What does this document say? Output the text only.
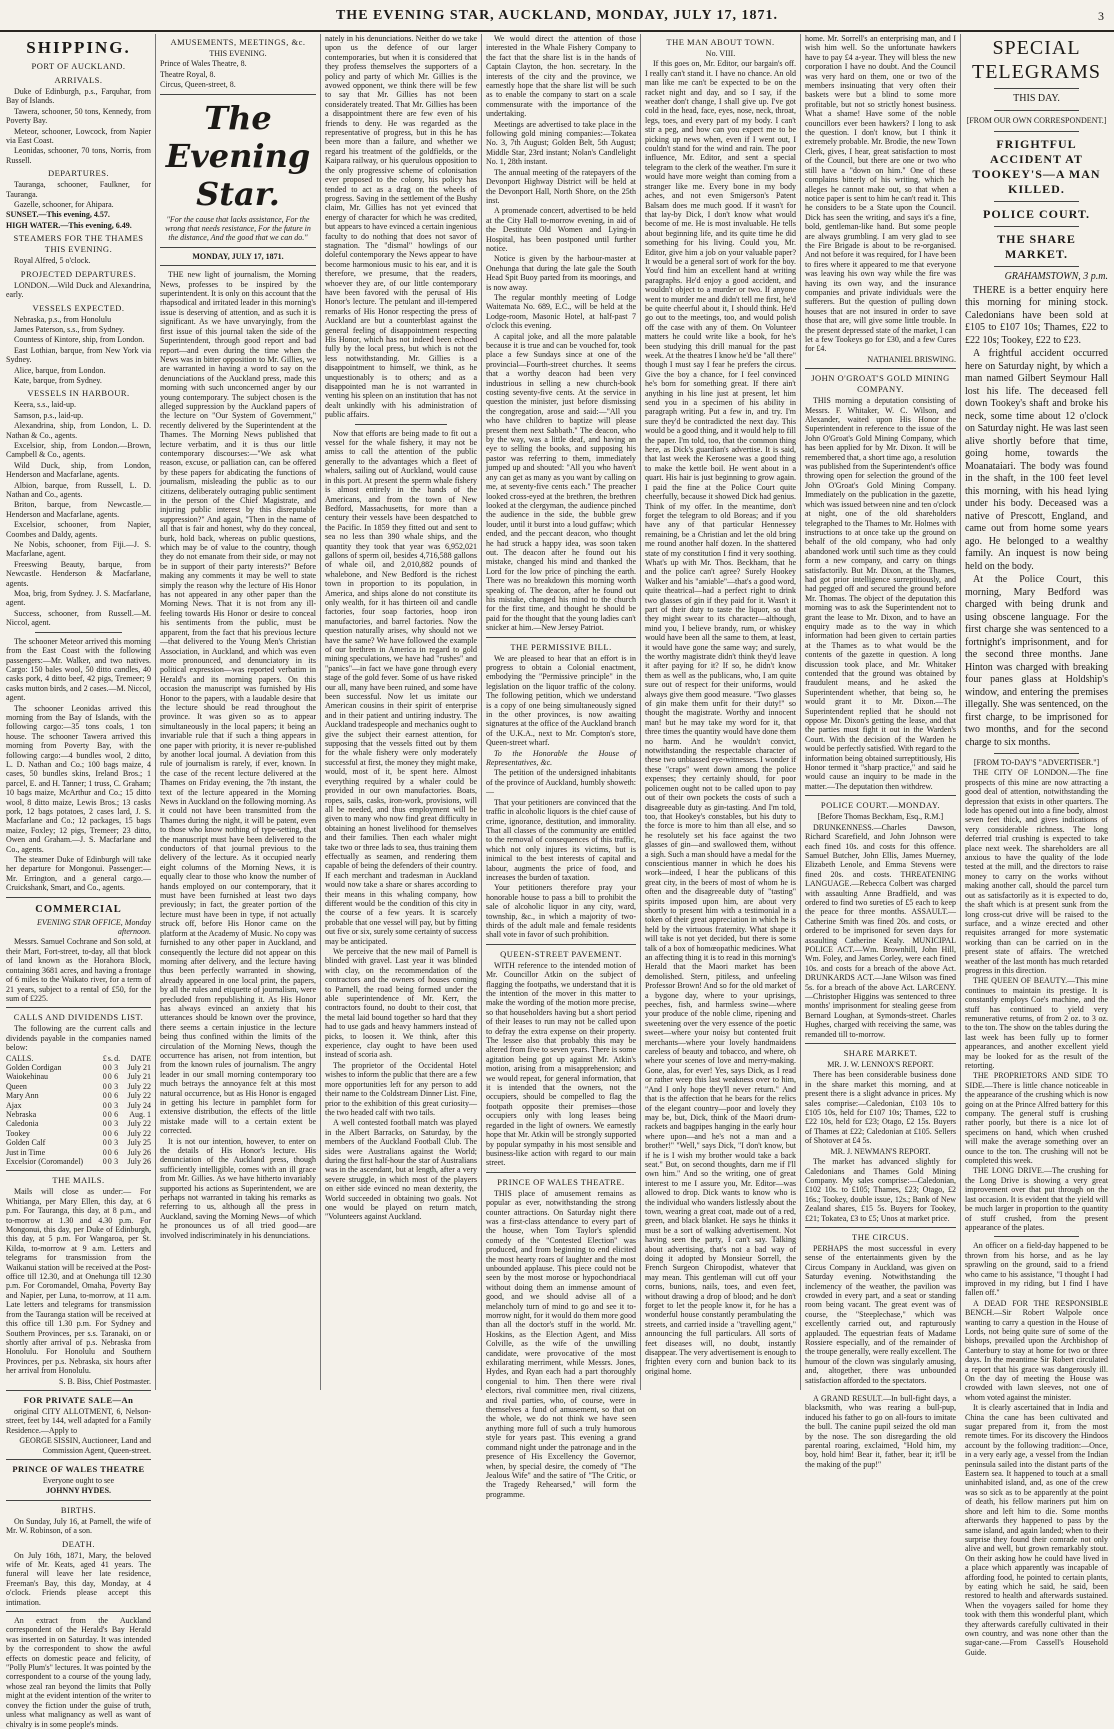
THE EVENING STAR, AUCKLAND, MONDAY, JULY 17, 1871.	3
SHIPPING.
PORT OF AUCKLAND.
ARRIVALS.

Duke of Edinburgh, p.s., Farquhar, from Bay of Islands.

Tawera, schooner, 50 tons, Kennedy, from Poverty Bay.

Meteor, schooner, Lowcock, from Napier via East Coast.

Leonidas, schooner, 70 tons, Norris, from Russell.

DEPARTURES.

Tauranga, schooner, Faulkner, for Tauranga.

Gazelle, schooner, for Ahipara.

SUNSET.—This evening, 4.57.

HIGH WATER.—This evening, 6.49.

STEAMERS FOR THE THAMES THIS EVENING.

Royal Alfred, 5 o'clock.

PROJECTED DEPARTURES.

LONDON.—Wild Duck and Alexandrina, early.

VESSELS EXPECTED.

Nebraska, p.s., from Honolulu

James Paterson, s.s., from Sydney.

Countess of Kintore, ship, from London.

East Lothian, barque, from New York via Sydney.

Alice, barque, from London.

Kate, barque, from Sydney.

VESSELS IN HARBOUR.

Keera, s.s., laid-up.

Samson, p.s., laid-up.

Alexandrina, ship, from London, L. D. Nathan & Co., agents.

Excelsior, ship, from London.—Brown, Campbell & Co., agents.

Wild Duck, ship, from London, Henderson and Macfarlane, agents.

Albion, barque, from Russell, L. D. Nathan and Co., agents.

Briton, barque, from Newcastle.—Henderson and Macfarlane, agents.

Excelsior, schooner, from Napier, Coombes and Daldy, agents.

Ne Nobis, schooner, from Fiji.—J. S. Macfarlane, agent.

Freeswing Beauty, barque, from Newcastle. Henderson & Macfarlane, agents.

Moa, brig, from Sydney. J. S. Macfarlane, agent.

Success, schooner, from Russell.—M. Niccol, agent.

The schooner Meteor arrived this morning from the East Coast with the following passengers:—Mr. Walker, and two natives. Cargo: 150 bales wool, 50 ditto candles, 40 casks pork, 4 ditto beef, 42 pigs, Tremeer; 9 casks mutton birds, and 2 cases.—M. Niccol, agent.

The schooner Leonidas arrived this morning from the Bay of Islands, with the following cargo:—35 tons coals, 1 ton house. The schooner Tawera arrived this morning from Poverty Bay, with the following cargo:—4 bundles wool, 2 ditto, L. D. Nathan and Co.; 100 bags maize, 4 cases, 50 bundles skins, Ireland Bros.; 1 parcel, E. and H. Tanner; 1 truss, C. Graham; 10 bags maize, McArthur and Co.; 15 ditto wool, 8 ditto maize, Lewis Bros.; 13 casks pork, 12 bags potatoes, 2 cases lard, J. S. Macfarlane and Co.; 12 packages, 15 bags maize, Foxley; 12 pigs, Tremeer; 23 ditto, Owen and Graham.—J. S. Macfarlane and Co., agents.

The steamer Duke of Edinburgh will take her departure for Mongonui. Passenger:—Mr. Errington, and a general cargo.—Cruickshank, Smart, and Co., agents.

COMMERCIAL

EVENING STAR OFFICE, Monday afternoon.

Messrs. Samuel Cochrane and Son sold, at their Mart, Fort-street, to-day, all that block of land known as the Horahora Block, containing 3681 acres, and having a frontage of 6 miles to the Waikato river, for a term of 21 years, subject to a rental of £50, for the sum of £225.

CALLS AND DIVIDENDS LIST.

The following are the current calls and dividends payable in the companies named below:

CALLS.	£	s.	d.	DATE
Golden Cordigan	0	0	3	July 21
Waiokehinau	0	0	6	July 21
Queen	0	0	3	July 22
Mary Ann	0	0	6	July 22
Ajax	0	0	3	July 24
Nebraska	0	0	6	Aug. 1
Caledonia	0	0	3	July 22
Tookey	0	0	6	July 22
Golden Calf	0	0	3	July 25
Just in Time	0	0	6	July 26
Excelsior (Coromandel)	0	0	3	July 26
THE MAILS.

Mails will close as under:— For Whitianga, per Mary Ellen, this day, at 6 p.m. For Tauranga, this day, at 8 p.m., and to-morrow at 1.30 and 4.30 p.m. For Mongonui, this day, per Duke of Edinburgh, this day, at 5 p.m. For Wangaroa, per St. Kilda, to-morrow at 9 a.m. Letters and telegrams for transmission from the Waikanui station will be received at the Post-office till 12.30, and at Onehunga till 12.30 p.m. For Coromandel, Omaha, Poverty Bay and Napier, per Luna, to-morrow, at 11 a.m. Late letters and telegrams for transmission from the Tauranga station will be received at this office till 1.30 p.m. For Sydney and Southern Provinces, per s.s. Taranaki, on or shortly after arrival of p.s. Nebraska from Honolulu. For Honolulu and Southern Provinces, per p.s. Nebraska, six hours after her arrival from Honolulu.

S. B. Biss, Chief Postmaster.

FOR PRIVATE SALE—An

original CITY ALLOTMENT, 6, Nelson-street, feet by 144, well adapted for a Family Residence.—Apply to

GEORGE SISSIN, Auctioneer, Land and Commission Agent, Queen-street.

PRINCE OF WALES THEATRE

Everyone ought to see

JOHNNY HYDES.

BIRTHS.

On Sunday, July 16, at Parnell, the wife of Mr. W. Robinson, of a son.

DEATH.

On July 16th, 1871, Mary, the beloved wife of Mr. Keats, aged 41 years. The funeral will leave her late residence, Freeman's Bay, this day, Monday, at 4 o'clock. Friends please accept this intimation.

An extract from the Auckland correspondent of the Herald's Bay Herald was inserted in on Saturday. It was intended by the correspondent to show the awful effects on domestic peace and felicity, of "Polly Plum's" lectures. It was pointed by the correspondent to a course of the young lady, whose zeal ran beyond the limits that Polly might at the evident intention of the writer to convey the fiction under the guise of truth, unless what malignancy as well as want of chivalry is in some people's minds.

AMUSEMENTS, MEETINGS, &c.

THIS EVENING.

Prince of Wales Theatre, 8.

Theatre Royal, 8.

Circus, Queen-street, 8.

The Evening Star.

"For the cause that lacks assistance, For the wrong that needs resistance, For the future in the distance, And the good that we can do."

MONDAY, JULY 17, 1871.

THE new light of journalism, the Morning News, professes to be inspired by the superintendent. It is only on this account that the rhapsodical and irritated leader in this morning's issue is deserving of attention, and as such it is significant. As we have unvaryingly, from the first issue of this journal taken the side of the Superintendent, through good report and bad report—and even during the time when the News was in bitter opposition to Mr. Gillies, we are warranted in having a word to say on the denunciations of the Auckland press, made this morning with such unconcerned anger by our young contemporary. The subject chosen is the alleged suppression by the Auckland papers of the lecture on "Our System of Government," recently delivered by the Superintendent at the Thames. The Morning News published that lecture verbatim, and it is thus our little contemporary discourses:—"We ask what reason, excuse, or palliation can, can be offered by these papers for abdicating the functions of journalism, misleading the public as to our citizens, deliberately outraging public sentiment in the person of the Chief Magistrate, and injuring public interest by this disreputable suppression?" And again, "Then in the name of all that is fair and honest, why do they conceal, burk, hold back, whereas on public questions, which may be of value to the country, though they do not emanate from their side, or may not be in support of their party interests?" Before making any comments it may be well to state simply the reason why the lecture of His Honor has not appeared in any other paper than the Morning News. That it is not from any ill-feeling towards His Honor or desire to conceal his sentiments from the public, must be apparent, from the fact that his previous lecture —that delivered to the Young Men's Christian Association, in Auckland, and which was even more pronounced, and denunciatory in its political expression—was reported verbatim in Herald's and its morning papers. On this occasion the manuscript was furnished by His Honor to the papers, with a laudable desire that the lecture should be read throughout the province. It was given so as to appear simultaneously in the local papers; it being an invariable rule that if such a thing appears in one paper with priority, it is never re-published by another local journal. A deviation from this rule of journalism is rarely, if ever, known. In the case of the recent lecture delivered at the Thames on Friday evening, the 7th instant, the text of the lecture appeared in the Morning News in Auckland on the following morning. As it could not have been transmitted from the Thames during the night, it will be patent, even to those who know nothing of type-setting, that the manuscript must have been delivered to the conductors of that journal previous to the delivery of the lecture. As it occupied nearly eight columns of the Morning News, it is equally clear to those who know the number of hands employed on our contemporary, that it must have been furnished at least two days previously; in fact, the greater portion of the lecture must have been in type, if not actually struck off, before His Honor came on the platform at the Academy of Music. No copy was furnished to any other paper in Auckland, and consequently the lecture did not appear on this morning after delivery, and the lecture having thus been perfectly warranted in showing, already appeared in one local print, the papers, by all the rules and etiquette of journalism, were precluded from republishing it. As His Honor has always evinced an anxiety that his utterances should be known over the province, there seems a certain injustice in the lecture being thus confined within the limits of the circulation of the Morning News, though the occurrence has arisen, not from intention, but from the known rules of journalism. The angry leader in our small morning contemporary too much betrays the annoyance felt at this most natural occurrence, but as His Honor is engaged in getting his lecture in pamphlet form for extensive distribution, the effects of the little mistake made will to a certain extent be corrected.

It is not our intention, however, to enter on the details of His Honor's lecture. His denunciation of the Auckland press, though sufficiently intelligible, comes with an ill grace from Mr. Gillies. As we have hitherto invariably supported his actions as Superintendent, we are perhaps not warranted in taking his remarks as referring to us, although all the press in Auckland, saving the Morning News—of which he pronounces us of all tried good—are involved indiscriminately in his denunciations.

nately in his denunciations. Neither do we take upon us the defence of our larger contemporaries, but when it is considered that they profess themselves the supporters of a policy and party of which Mr. Gillies is the avowed opponent, we think there will be few to say that Mr. Gillies has not been considerately treated. That Mr. Gillies has been a disappointment there are few even of his friends to deny. He was regarded as the representative of progress, but in this he has been more than a failure, and whether we regard his treatment of the goldfields, or the Kaipara railway, or his querulous opposition to the only progressive scheme of colonisation ever proposed to the colony, his policy has tended to act as a drag on the wheels of progress. Saving in the settlement of the Bushy claim, Mr. Gillies has not yet evinced that energy of character for which he was credited, but appears to have evinced a certain ingenious faculty to do nothing that does not savor of stagnation. The "dismal" howlings of our doleful contemporary the News appear to have become harmonious music to his ear, and it is therefore, we presume, that the readers, whoever they are, of our little contemporary have been favored with the perusal of His Honor's lecture. The petulant and ill-tempered remarks of His Honor respecting the press of Auckland are but a counterblast against the general feeling of disappointment respecting His Honor, which has not indeed been echoed fully by the local press, but which is not the less notwithstanding. Mr. Gillies is a disappointment to himself, we think, as he unquestionably is to others; and as a disappointed man he is not warranted in venting his spleen on an institution that has not dealt unkindly with his administration of public affairs.

Now that efforts are being made to fit out a vessel for the whale fishery, it may not be amiss to call the attention of the public generally to the advantages which a fleet of whalers, sailing out of Auckland, would cause in this port. At present the sperm whale fishery is almost entirely in the hands of the Americans, and from the town of New Bedford, Massachusetts, for more than a century their vessels have been despatched to the Pacific. In 1859 they fitted out and sent to sea no less than 390 whale ships, and the quantity they took that year was 6,952,021 gallons of sperm oil, besides 4,716,588 gallons of whale oil, and 2,010,882 pounds of whalebone, and New Bedford is the richest town in proportion to its population, in America, and ships alone do not constitute its only wealth, for it has thirteen oil and candle factories, four soap factories, hoop iron manufactories, and barrel factories. Now the question naturally arises, why should not we have the same? We have followed the example of our brethren in America in regard to gold mining speculations, we have had "rushes" and "panics"—in fact we have gone through every stage of the gold fever. Some of us have risked our all, many have been ruined, and some have been successful. Now let us imitate our American cousins in their spirit of enterprise and in their patient and untiring industry. The Auckland tradespeople and mechanics ought to give the subject their earnest attention, for supposing that the vessels fitted out by them for the whale fishery were only moderately successful at first, the money they might make, would, most of it, be spent here. Almost everything required by a whaler could be provided in our own manufactories. Boats, ropes, sails, casks, iron-work, provisions, will all be needed, and thus employment will be given to many who now find great difficulty in obtaining an honest livelihood for themselves and their families. Then each whaler might take two or three lads to sea, thus training them effectually as seamen, and rendering them capable of being the defenders of their country. If each merchant and tradesman in Auckland would now take a share or shares according to their means in this whaling company, how different would be the condition of this city in the course of a few years. It is scarcely probable that one vessel will pay, but by fitting out five or six, surely some certainty of success may be anticipated.

We perceive that the new mail of Parnell is blinded with gravel. Last year it was blinded with clay, on the recommendation of the contractors and the owners of houses coming to Parnell, the road being formed under the able superintendence of Mr. Kerr, the contractors found, no doubt to their cost, that the metal laid bound together so hard that they had to use gads and heavy hammers instead of picks, to loosen it. We think, after this experience, clay ought to have been used instead of scoria ash.

The proprietor of the Occidental Hotel wishes to inform the public that there are a few more opportunities left for any person to add their name to the Coldstream Dinner List. Fine, prior to the exhibition of this great curiosity—the two headed calf with two tails.

A well contested football match was played in the Albert Barracks, on Saturday, by the members of the Auckland Football Club. The sides were Australians against the World; during the first half-hour the star of Australians was in the ascendant, but at length, after a very severe struggle, in which most of the players on either side evinced no mean dexterity, the World succeeded in obtaining two goals. Not one would be played on return match, "Volunteers against Auckland.

We would direct the attention of those interested in the Whale Fishery Company to the fact that the share list is in the hands of Captain Clayton, the hon. secretary. In the interests of the city and the province, we earnestly hope that the share list will be such as to enable the company to start on a scale commensurate with the importance of the undertaking.

Meetings are advertised to take place in the following gold mining companies:—Tokatea No. 3, 7th August; Golden Belt, 5th August; Middle Star, 23rd instant; Nolan's Candlelight No. 1, 28th instant.

The annual meeting of the ratepayers of the Devonport Highway District will be held at the Devonport Hall, North Shore, on the 25th inst.

A promenade concert, advertised to be held at the City Hall to-morrow evening, in aid of the Destitute Old Women and Lying-in Hospital, has been postponed until further notice.

Notice is given by the harbour-master at Onehunga that during the late gale the South Head Spit Buoy parted from its moorings, and is now away.

The regular monthly meeting of Lodge Waitemata No. 689, E.C., will be held at the Lodge-room, Masonic Hotel, at half-past 7 o'clock this evening.

A capital joke, and all the more palatable because it is true and can be vouched for, took place a few Sundays since at one of the provincial—Fourth-street churches. It seems that a worthy deacon had been very industrious in selling a new church-book costing seventy-five cents. At the service in question the minister, just before dismissing the congregation, arose and said:—"All you who have children to baptize will please present them next Sabbath." The deacon, who by the way, was a little deaf, and having an eye to selling the books, and supposing his pastor was referring to them, immediately jumped up and shouted: "All you who haven't any can get as many as you want by calling on me, at seventy-five cents each." The preacher looked cross-eyed at the brethren, the brethren looked at the clergyman, the audience pinched the audience in the side, the bubble grew louder, until it burst into a loud guffaw; which ended, and the peccant deacon, who thought he had struck a happy idea, was soon taken out. The deacon after he found out his mistake, changed his mind and thanked the Lord for the low price of pinching the earth. There was no breakdown this morning worth speaking of. The deacon, after he found out his mistake, changed his mind to the church for the first time, and thought he should be paid for the thought that the young ladies can't snicker at him.—New Jersey Patriot.

THE PERMISSIVE BILL.

We are pleased to hear that an effort is in progress to obtain a Colonial enactment, embodying the "Permissive principle" in the legislation on the liquor traffic of the colony. The following petition, which we understand is a copy of one being simultaneously signed in the other provinces, is now awaiting signatures at the office of the Auckland branch of the U.K.A., next to Mr. Compton's store, Queen-street wharf.

To the Honorable the House of Representatives, &c.

The petition of the undersigned inhabitants of the province of Auckland, humbly showeth:—

That your petitioners are convinced that the traffic in alcoholic liquors is the chief cause of crime, ignorance, destitution, and immorality. That all classes of the community are entitled to the removal of consequences of this traffic, which not only injures its victims, but is inimical to the best interests of capital and labour, augments the price of food, and increases the burden of taxation.

Your petitioners therefore pray your honorable house to pass a bill to prohibit the sale of alcoholic liquor in any city, ward, township, &c., in which a majority of two-thirds of the adult male and female residents shall vote in favor of such prohibition.

QUEEN-STREET PAVEMENT.

WITH reference to the intended motion of Mr. Councillor Atkin on the subject of flagging the footpaths, we understand that it is the intention of the mover in this matter to make the wording of the motion more precise, so that householders having but a short period of their leases to run may not be called upon to defray the extra expense on their property. The lessee also that probably this may be altered from five to seven years. There is some agitation being got up against Mr. Atkin's motion, arising from a misapprehension; and we would repeat, for general information, that it is intended that the owners, not the occupiers, should be compelled to flag the footpath opposite their premises—those occupiers only with long leases being regarded in the light of owners. We earnestly hope that Mr. Atkin will be strongly supported by popular sympathy in his most sensible and business-like action with regard to our main street.

PRINCE OF WALES THEATRE.

THIS place of amusement remains as popular as ever, notwithstanding the strong counter attractions. On Saturday night there was a first-class attendance to every part of the house, when Tom Taylor's splendid comedy of the "Contested Election" was produced, and from beginning to end elicited the most hearty roars of laughter and the most unbounded applause. This piece could not be seen by the most morose or hypochondriacal without doing them an immense amount of good, and we should advise all of a melancholy turn of mind to go and see it to-morrow night, for it would do them more good than all the doctor's stuff in the world. Mr. Hoskins, as the Election Agent, and Miss Colville, as the wife of the unwilling candidate, were provocative of the most exhilarating merriment, while Messrs. Jones, Hydes, and Ryan each had a part thoroughly congenial to him. Then there were rival electors, rival committee men, rival citizens, and rival parties, who, of course, were in themselves a fund of amusement, so that on the whole, we do not think we have seen anything more full of such a truly humorous style for years past. This evening a grand command night under the patronage and in the presence of His Excellency the Governor, when, by special desire, the comedy of "The Jealous Wife" and the satire of "The Critic, or the Tragedy Rehearsed," will form the programme.

THE MAN ABOUT TOWN.

No. VIII.

If this goes on, Mr. Editor, our bargain's off. I really can't stand it. I have no chance. An old man like me can't be expected to be on the racket night and day, and so I say, if the weather don't change, I shall give up. I've got cold in the head, face, eyes, nose, neck, throat, legs, toes, and every part of my body. I can't stir a peg, and how can you expect me to be picking up news when, even if I went out, I couldn't stand for the wind and rain. The poor influence, Mr. Editor, and sent a special telegram to the clerk of the weather. I'm sure it would have more weight than coming from a stranger like me. Every bone in my body aches, and not even Smigerson's Patent Balsam does me much good. If it wasn't for that lay-by Dick, I don't know what would become of me. He is most invaluable. He tells about beginning life, and its quite time he did something for his living. Could you, Mr. Editor, give him a job on your valuable paper? It would be a general sort of work for the boy. You'd find him an excellent hand at writing paragraphs. He'd enjoy a good accident, and wouldn't object to a murder or two. If anyone went to murder me and didn't tell me first, he'd be quite cheerful about it, I should think. He'd go out to the meetings, too, and would polish off the case with any of them. On Volunteer matters he could write like a book, for he's been studying this drill manual for the past week. At the theatres I know he'd be "all there" though I must say I fear he prefers the circus. Give the boy a chance, for I feel convinced he's born for something great. If there ain't anything in his line just at present, let him send you in a specimen of his ability in paragraph writing. Put a few in, and try. I'm sure they'd be contradicted the next day. This would be a good thing, and it would help to fill the paper. I'm told, too, that the common thing here, as Dick's guardian's advertise. It is said, that last week the Kerosene was a good thing to make the kettle boil. He went about in a quart. His hair is just beginning to grow again. I paid the fine at the Police Court quite cheerfully, because it showed Dick had genius. Think of my offer. In the meantime, don't forget the telegram to old Boreas; and if you have any of that particular Hennessey remaining, be a Christian and let the old bring me round another half dozen. In the shattered state of my constitution I find it very soothing. What's up with Mr. Thos. Beckham, that he and the police can't agree? Surely Hookey Walker and his "amiable"—that's a good word, quite theatrical—had a perfect right to drink two glasses of gin if they paid for it. Wasn't it part of their duty to taste the liquor, so that they might swear to its character—although, mind you, I believe brandy, rum, or whiskey would have been all the same to them, at least, it would have gone the same way; and surely, the worthy magistrate didn't think they'd leave it after paying for it? If so, he didn't know them as well as the publicans, who, I am quite sure out of respect for their uniforms, would always give them good measure. "Two glasses of gin make them unfit for their duty!" so thought the magistrate. Worthy and innocent man! but he may take my word for it, that three times the quantity would have done them no harm. And he wouldn't convict, notwithstanding the respectable character of these two unbiassed eye-witnesses. I wonder if these "craps" went down among the police expenses; they certainly should, for poor policemen ought not to be called upon to pay out of their own pockets the costs of such a disagreeable duty as gin-tasting. And I'm told, too, that Hookey's constables, but his duty to the force is more to him than all else, and so he resolutely set his face against the two glasses of gin—and swallowed them, without a sigh. Such a man should have a medal for the conscientious manner in which he does his work—indeed, I hear the publicans of this great city, in the beers of most of whom he is often and the disagreeable duty of "tasting" spirits imposed upon him, are about very shortly to present him with a testimonial in a token of their great appreciation in which he is held by the virtuous fraternity. What shape it will take is not yet decided, but there is some talk of a box of homœopathic medicines. What an affecting thing it is to read in this morning's Herald that the Maori market has been demolished. Stern, pitiless, and unfeeling Professor Brown! And so for the old market of a bygone day, where to your uprisings, peeches, fish, and harmless swine—where your produce of the noble clime, ripening and sweetening over the very essence of the poetic sweet—where your noisy but contented fruit merchants—where your lovely handmaidens careless of beauty and tobacco, and where, oh where your scenes of love and merry-making. Gone, alas, for ever! Yes, says Dick, as I read or rather weep this last weakness over to him, "And I only hope they'll never return." And that is the affection that he bears for the relics of the elegant country—poor and lovely they may be, but, Dick, think of the Maori drum-rackets and bagpipes hanging in the early hour where upon—and he's not a man and a brother!" "Well," says Dick, "I don't know, but if he is I wish my brother would take a back seat." But, on second thoughts, darn me if I'll own him." And so the writing, one of great interest to me I assure you, Mr. Editor—was allowed to drop. Dick wants to know who is the individual who wanders listlessly about the town, wearing a great coat, made out of a red, green, and black blanket. He says he thinks it must be a sort of walking advertisement. Not having seen the party, I can't say. Talking about advertising, that's not a bad way of doing it adopted by Monsieur Sorrell, the French Surgeon Chiropodist, whatever that may mean. This gentleman will cut off your corns, bunions, nails, toes, and even feet, without drawing a drop of blood; and he don't forget to let the people know it, for he has a wonderful house constantly perambulating the streets, and carried inside a "travelling agent," announcing the full particulars. All sorts of feet diseases will, no doubt, instantly disappear. The very advertisement is enough to frighten every corn and bunion back to its original home.

home. Mr. Sorrell's an enterprising man, and I wish him well. So the unfortunate hawkers have to pay £4 a-year. They will bless the new corporation I have no doubt. And the Council was very hard on them, one or two of the members insinuating that very often their baskets were but a blind to some more profitable, but not so strictly honest business. What a shame! Have some of the noble councillors ever been hawkers? I long to ask the question. I don't know, but I think it extremely probable. Mr. Brodie, the new Town Clerk, gives, I hear, great satisfaction to most of the Council, but there are one or two who still have a "down on him." One of these complains bitterly of his writing, which he alleges he cannot make out, so that when a notice paper is sent to him he can't read it. This he considers to be a State upon the Council. Dick has seen the writing, and says it's a fine, bold, gentleman-like hand. But some people are always grumbling. I am very glad to see the Fire Brigade is about to be re-organised. And not before it was required, for I have been to fires where it appeared to me that everyone was leaving his own way while the fire was having its own way, and the insurance companies and private individuals were the sufferers. But the question of pulling down houses that are not insured in order to save those that are, will give some little trouble. In the present depressed state of the market, I can let a few Tookeys go for £30, and a few Cures for £4.

NATHANIEL BRISWING.

JOHN O'GROAT'S GOLD MINING COMPANY.

THIS morning a deputation consisting of Messrs. F. Whitaker, W. C. Wilson, and Alexander, waited upon His Honor the Superintendent in reference to the issue of the John O'Groat's Gold Mining Company, which has been applied for by Mr. Dixon. It will be remembered that, a short time ago, a resolution was published from the Superintendent's office throwing open for selection the ground of the John O'Groat's Gold Mining Company. Immediately on the publication in the gazette, which was issued between nine and ten o'clock at night, one of the old shareholders telegraphed to the Thames to Mr. Holmes with instructions to at once take up the ground on behalf of the old company, who had only abandoned work until such time as they could form a new company, and carry on things satisfactorily. But Mr. Dixon, at the Thames, had got prior intelligence surreptitiously, and had pegged off and secured the ground before Mr. Thomas. The object of the deputation this morning was to ask the Superintendent not to grant the lease to Mr. Dixon, and to have an enquiry made as to the way in which information had been given to certain parties at the Thames as to what would be the contents of the gazette in question. A long discussion took place, and Mr. Whitaker contended that the ground was obtained by fraudulent means, and he asked the Superintendent whether, that being so, he would grant it to Mr. Dixon.—The Superintendent replied that he should not oppose Mr. Dixon's getting the lease, and that the parties must fight it out in the Warden's Court. With the decision of the Warden he would be perfectly satisfied. With regard to the information being obtained surreptitiously, His Honor termed it "sharp practice," and said he would cause an inquiry to be made in the matter.—The deputation then withdrew.

POLICE COURT.—MONDAY.

[Before Thomas Beckham, Esq., R.M.]

DRUNKENNESS.—Charles Dawson, Richard Scarefield, and John Johnson were each fined 10s. and costs for this offence. Samuel Butcher, John Ellis, James Muerney, Elizabeth Lenole, and Emma Stevens were fined 20s. and costs. THREATENING LANGUAGE.—Rebecca Colbert was charged with assaulting Anne Bradfield, and was ordered to find two sureties of £5 each to keep the peace for three months. ASSAULT.—Catherine Smith was fined 20s. and costs, or ordered to be imprisoned for seven days for assaulting Catherine Kealy. MUNICIPAL POLICE ACT.—Wm. Brownhill, John Hill, Wm. Foley, and James Corley, were each fined 10s. and costs for a breach of the above Act. DRUNKARDS ACT.—Jane Wilson was fined 5s. for a breach of the above Act. LARCENY.—Christopher Higgins was sentenced to three months' imprisonment for stealing geese from Bernard Loughan, at Symonds-street. Charles Hughes, charged with receiving the same, was remanded till to-morrow.

SHARE MARKET.

MR. J. W. LENNOX'S REPORT.

There has been considerable business done in the share market this morning, and at present there is a slight advance in prices. My sales comprise:—Caledonian, £103 10s to £105 10s, held for £107 10s; Thames, £22 to £22 10s, held for £23; Otago, £2 15s. Buyers of Thames at £22; Caledonian at £105. Sellers of Shotover at £4 5s.

MR. J. NEWMAN'S REPORT.

The market has advanced slightly for Caledonians and Thames Gold Mining Company. My sales comprise:—Caledonian, £102 10s. to £105; Thames, £23; Otago, £2 16s.; Tookey, double issue, 12s.; Bank of New Zealand shares, £15 5s. Buyers for Tookey, £21; Tokatea, £3 to £5; Unos at market price.

THE CIRCUS.

PERHAPS the most successful in every sense of the entertainments given by the Circus Company in Auckland, was given on Saturday evening. Notwithstanding the inclemency of the weather, the pavilion was crowded in every part, and a seat or standing room being vacant. The great event was of course, the "Steeplechase," which was excellently carried out, and rapturously applauded. The equestrian feats of Madame Rossiere especially, and of the remainder of the troupe generally, were really excellent. The humour of the clown was singularly amusing, and, altogether, there was unbounded satisfaction afforded to the spectators.

A GRAND RESULT.—In bull-fight days, a blacksmith, who was rearing a bull-pup, induced his father to go on all-fours to imitate the bull. The canine pupil seized the old man by the nose. The son disregarding the old parental roaring, exclaimed, "Hold him, my boy, hold him! Bear it, father, bear it; it'll be the making of the pup!"

SPECIAL TELEGRAMS

THIS DAY.

[FROM OUR OWN CORRESPONDENT.]

FRIGHTFUL ACCIDENT AT TOOKEY'S—A MAN KILLED.
POLICE COURT.
THE SHARE MARKET.

GRAHAMSTOWN, 3 p.m.

THERE is a better enquiry here this morning for mining stock. Caledonians have been sold at £105 to £107 10s; Thames, £22 to £22 10s; Tookey, £22 to £23.

A frightful accident occurred here on Saturday night, by which a man named Gilbert Seymour Hall lost his life. The deceased fell down Tookey's shaft and broke his neck, some time about 12 o'clock on Saturday night. He was last seen alive shortly before that time, going home, towards the Moanataiari. The body was found in the shaft, in the 100 feet level this morning, with his head lying under his body. Deceased was a native of Prescott, England, and came out from home some years ago. He belonged to a wealthy family. An inquest is now being held on the body.

At the Police Court, this morning, Mary Bedford was charged with being drunk and using obscene language. For the first charge she was sentenced to a fortnight's imprisonment, and for the second three months. Jane Hinton was charged with breaking four panes glass at Holdship's window, and entering the premises illegally. She was sentenced, on the first charge, to be imprisoned for two months, and for the second charge to six months.

[FROM TO-DAY'S "ADVERTISER."]

THE CITY OF LONDON.—The fine prospects of this mine are now attracting a good deal of attention, notwithstanding the depression that exists in other quarters. The lode has opened out into a fine body, almost seven feet thick, and gives indications of very considerable richness. The long deferred trial crushing is expected to take place next week. The shareholders are all anxious to have the quality of the lode tested at the mill, and the directors to raise money to carry on the works without making another call, should the parcel turn out as satisfactorily as it is expected to do, the shaft which is at present sunk from the long cross-cut drive will be raised to the surface, and a winze erected and other requisites arranged for more systematic working than can be carried on in the present state of affairs. The wretched weather of the last month has much retarded progress in this direction.

THE QUEEN OF BEAUTY.—This mine continues to maintain its prestige. It is constantly employs Coe's machine, and the stuff has continued to yield very remunerative returns, of from 2 oz. to 3 oz. to the ton. The show on the tables during the last week has been fully up to former appearances, and another excellent yield may be looked for as the result of the retorting.

THE PROPRIETORS AND SIDE TO SIDE.—There is little chance noticeable in the appearance of the crushing which is now going on at the Prince Alfred battery for this company. The general stuff is crushing rather poorly, but there is a nice lot of specimens on hand, which when crushed will make the average something over an ounce to the ton. The crushing will not be completed this week.

THE LONG DRIVE.—The crushing for the Long Drive is showing a very great improvement over that put through on the last occasion. It is evident that the yield will be much larger in proportion to the quantity of stuff crushed, from the present appearance of the plates.

An officer on a field-day happened to be thrown from his horse, and as he lay sprawling on the ground, said to a friend who came to his assistance, "I thought I had improved in my riding, but I find I have fallen off."

A DEAD FOR THE RESPONSIBLE BENCH.—Sir Robert Walpole once wanting to carry a question in the House of Lords, not being quite sure of some of the bishops, prevailed upon the Archbishop of Canterbury to stay at home for two or three days. In the meantime Sir Robert circulated a report that his grace was dangerously ill. On the day of meeting the House was crowded with lawn sleeves, not one of whom voted against the minister.

It is clearly ascertained that in India and China the cane has been cultivated and sugar prepared from it, from the most remote times. For its discovery the Hindoos account by the following tradition:—Once, in a very early age, a vessel from the Indian peninsula sailed into the distant parts of the Eastern sea. It happened to touch at a small uninhabited island, and, as one of the crew was so sick as to be apparently at the point of death, his fellow mariners put him on shore and left him to die. Some months afterwards they happened to pass by the same island, and again landed; when to their surprise they found their comrade not only alive and well, but grown remarkably stout. On their asking how he could have lived in a place which apparently was incapable of affording food, he pointed to certain plants, by eating which he said, he said, been restored to health and afterwards sustained. When the voyagers sailed for home they took with them this wonderful plant, which they afterwards carefully cultivated in their own country, and was none other than the sugar-cane.—From Cassell's Household Guide.
